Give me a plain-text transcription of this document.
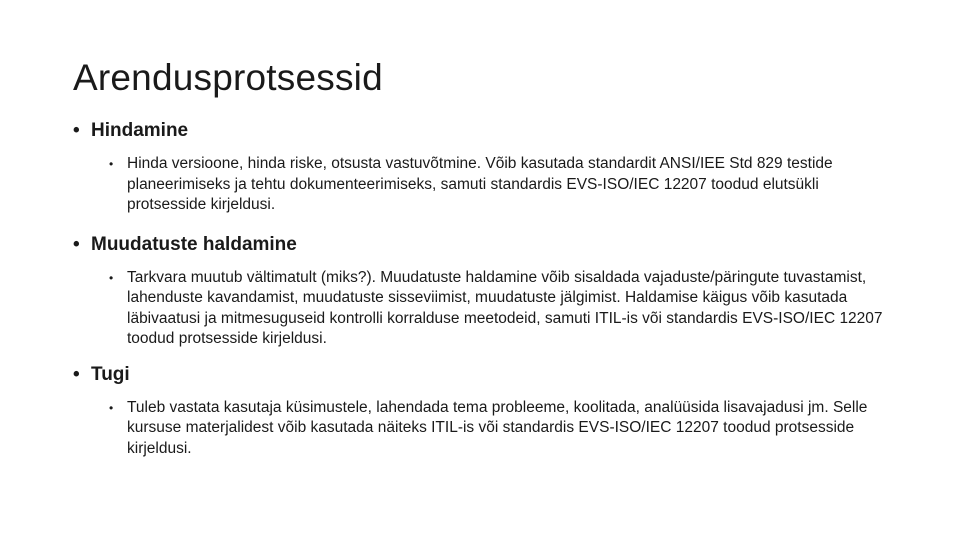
Arendusprotsessid

• Hindamine

• Hinda versioone, hinda riske, otsusta vastuvõtmine. Võib kasutada standardit ANSI/IEE Std 829 testide planeerimiseks ja tehtu dokumenteerimiseks, samuti standardis EVS-ISO/IEC 12207 toodud elutsükli protsesside kirjeldusi.

• Muudatuste haldamine

• Tarkvara muutub vältimatult (miks?). Muudatuste haldamine võib sisaldada vajaduste/päringute tuvastamist, lahenduste kavandamist, muudatuste sisseviimist, muudatuste jälgimist. Haldamise käigus võib kasutada läbivaatusi ja mitmesuguseid kontrolli korralduse meetodeid, samuti ITIL-is või standardis EVS-ISO/IEC 12207 toodud protsesside kirjeldusi.

• Tugi

• Tuleb vastata kasutaja küsimustele, lahendada tema probleeme, koolitada, analüüsida lisavajadusi jm. Selle kursuse materjalidest võib kasutada näiteks ITIL-is või standardis EVS-ISO/IEC 12207 toodud protsesside kirjeldusi.
